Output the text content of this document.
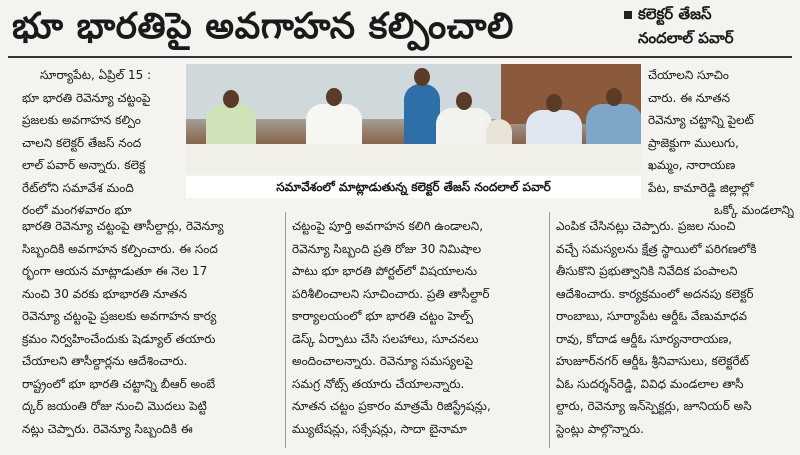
భూ భారతిపై అవగాహన కల్పించాలి	కలెక్టర్ తేజస్
నందలాల్ పవార్
సమావేశంలో మాట్లాడుతున్న కలెక్టర్ తేజస్ నందలాల్ పవార్
సూర్యాపేట, ఏప్రిల్ 15 :
భూ భారతి రెవెన్యూ చట్టంపై
ప్రజలకు అవగాహన కల్పిం
చాలని కలెక్టర్ తేజస్ నంద
లాల్ పవార్ అన్నారు. కలెక్ట
రేట్‌లోని సమావేశ మంది
రంలో మంగళవారం భూ
భారతి రెవెన్యూ చట్టంపై తాసీల్దార్లు, రెవెన్యూ
సిబ్బందికి అవగాహన కల్పించారు. ఈ సంద
ర్భంగా ఆయన మాట్లాడుతూ ఈ నెల 17
నుంచి 30 వరకు భూభారతి నూతన
రెవెన్యూ చట్టంపై ప్రజలకు అవగాహన కార్య
క్రమం నిర్వహించేందుకు షెడ్యూల్ తయారు
చేయాలని తాసీల్దార్లను ఆదేశించారు.
రాష్ట్రంలో భూ భారతి చట్టాన్ని బీఆర్ అంబే
ద్కర్ జయంతి రోజు నుంచి మొదలు పెట్టి
నట్లు చెప్పారు. రెవెన్యూ సిబ్బందికి ఈ
చట్టంపై పూర్తి అవగాహన కలిగి ఉండాలని,
రెవెన్యూ సిబ్బంది ప్రతి రోజు 30 నిమిషాల
పాటు భూ భారతి పోర్టల్‌లో విషయాలను
పరిశీలించాలని సూచించారు. ప్రతి తాసీల్దార్
కార్యాలయంలో భూ భారతి చట్టం హెల్ప్
డెస్క్ ఏర్పాటు చేసి సలహాలు, సూచనలు
అందించాలన్నారు. రెవెన్యూ సమస్యలపై
సమగ్ర నోట్స్ తయారు చేయాలన్నారు.
నూతన చట్టం ప్రకారం మాత్రమే రిజిస్ట్రేషన్లు,
మ్యుటేషన్లు, సక్సేషన్లు, సాదా బైనామా
చేయాలని సూచిం
చారు. ఈ నూతన
రెవెన్యూ చట్టాన్ని పైలట్
ప్రాజెక్టుగా ములుగు,
ఖమ్మం, నారాయణ
పేట, కామారెడ్డి జిల్లాల్లో
ఒక్కో మండలాన్ని
ఎంపిక చేసినట్లు చెప్పారు. ప్రజల నుంచి
వచ్చే సమస్యలను క్షేత్ర స్థాయిలో పరిగణలోకి
తీసుకొని ప్రభుత్వానికి నివేదిక పంపాలని
ఆదేశించారు. కార్యక్రమంలో అదనపు కలెక్టర్
రాంబాబు, సూర్యాపేట ఆర్డీఓ వేణుమాధవ
రావు, కోదాడ ఆర్డీఓ సూర్యనారాయణ,
హుజూర్‌నగర్ ఆర్డీఓ శ్రీనివాసులు, కలెక్టరేట్
ఏఓ సుదర్శన్‌రెడ్డి, వివిధ మండలాల తాసీ
ల్దారు, రెవెన్యూ ఇన్‌స్పెక్టర్లు, జూనియర్ అసి
స్టెంట్లు పాల్గొన్నారు.
